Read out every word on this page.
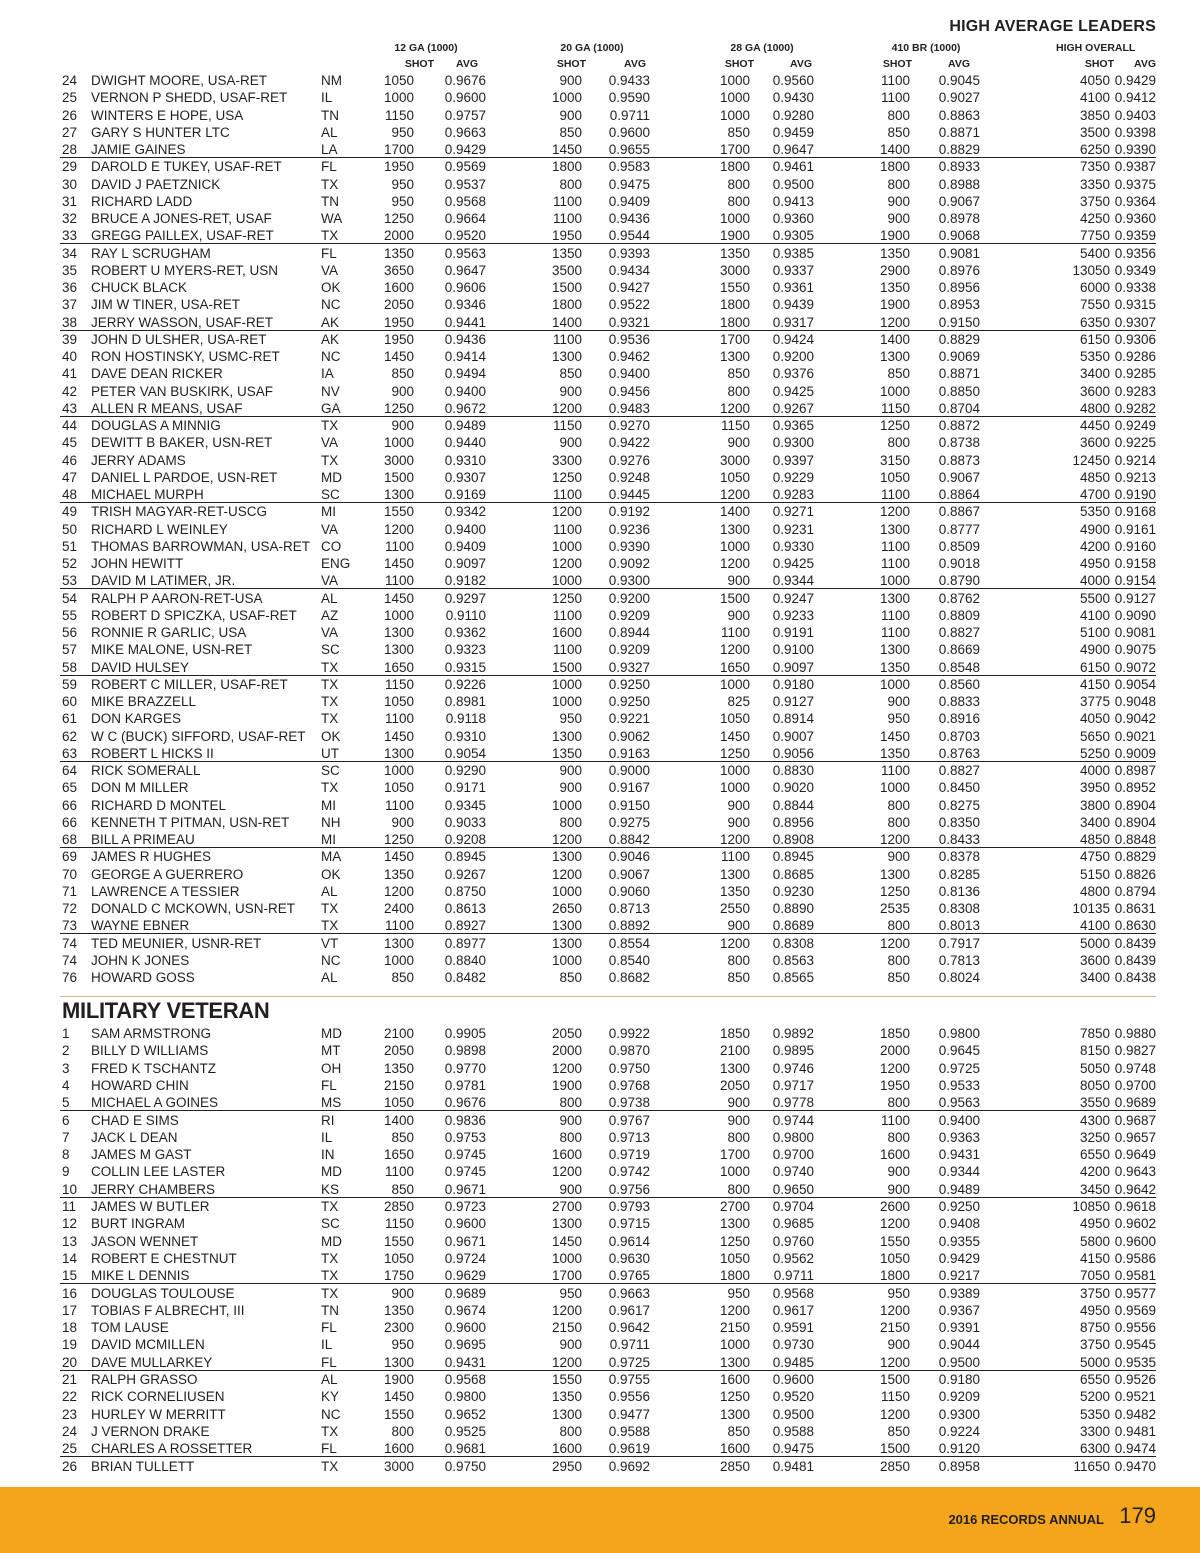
HIGH AVERAGE LEADERS
12 GA (1000)	20 GA (1000)	28 GA (1000)	410 BR (1000)	HIGH OVERALL
SHOT AVG	SHOT	AVG	SHOT	AVG	SHOT	AVG	SHOT AVG
24 DWIGHT MOORE, USA-RET	NM	1050 0.9676	900 0.9433	1000 0.9560	1100 0.9045	4050 0.9429
25 VERNON P SHEDD, USAF-RET IL	1000 0.9600	1000 0.9590	1000 0.9430	1100 0.9027	4100 0.9412
26 WINTERS E HOPE, USA	TN	1150 0.9757	900 0.9711	1000 0.9280	800 0.8863	3850 0.9403
27 GARY S HUNTER LTC	AL	950 0.9663	850 0.9600	850 0.9459	850 0.8871	3500 0.9398
28 JAMIE GAINES	LA	1700 0.9429	1450 0.9655	1700 0.9647	1400 0.8829	6250 0.9390
29 DAROLD E TUKEY, USAF-RET	FL	1950 0.9569	1800 0.9583	1800 0.9461	1800 0.8933	7350 0.9387
30 DAVID J PAETZNICK	TX	950 0.9537	800 0.9475	800 0.9500	800 0.8988	3350 0.9375
31 RICHARD LADD	TN	950 0.9568	1100 0.9409	800 0.9413	900 0.9067	3750 0.9364
32 BRUCE A JONES-RET, USAF	WA	1250 0.9664	1100 0.9436	1000 0.9360	900 0.8978	4250 0.9360
33 GREGG PAILLEX, USAF-RET	TX	2000 0.9520	1950 0.9544	1900 0.9305	1900 0.9068	7750 0.9359
34 RAY L SCRUGHAM	FL	1350 0.9563	1350 0.9393	1350 0.9385	1350 0.9081	5400 0.9356
35 ROBERT U MYERS-RET, USN	VA	3650 0.9647	3500 0.9434	3000 0.9337	2900 0.8976	13050 0.9349
36 CHUCK BLACK	OK	1600 0.9606	1500 0.9427	1550 0.9361	1350 0.8956	6000 0.9338
37 JIM W TINER, USA-RET	NC	2050 0.9346	1800 0.9522	1800 0.9439	1900 0.8953	7550 0.9315
38 JERRY WASSON, USAF-RET	AK	1950 0.9441	1400 0.9321	1800 0.9317	1200 0.9150	6350 0.9307
39 JOHN D ULSHER, USA-RET	AK	1950 0.9436	1100 0.9536	1700 0.9424	1400 0.8829	6150 0.9306
40 RON HOSTINSKY, USMC-RET	NC	1450 0.9414	1300 0.9462	1300 0.9200	1300 0.9069	5350 0.9286
41 DAVE DEAN RICKER	IA	850 0.9494	850 0.9400	850 0.9376	850 0.8871	3400 0.9285
42 PETER VAN BUSKIRK, USAF	NV	900 0.9400	900 0.9456	800 0.9425	1000 0.8850	3600 0.9283
43 ALLEN R MEANS, USAF	GA	1250 0.9672	1200 0.9483	1200 0.9267	1150 0.8704	4800 0.9282
44 DOUGLAS A MINNIG	TX	900 0.9489	1150 0.9270	1150 0.9365	1250 0.8872	4450 0.9249
45 DEWITT B BAKER, USN-RET	VA	1000 0.9440	900 0.9422	900 0.9300	800 0.8738	3600 0.9225
46 JERRY ADAMS	TX	3000 0.9310	3300 0.9276	3000 0.9397	3150 0.8873	12450 0.9214
47 DANIEL L PARDOE, USN-RET	MD	1500 0.9307	1250 0.9248	1050 0.9229	1050 0.9067	4850 0.9213
48 MICHAEL MURPH	SC	1300 0.9169	1100 0.9445	1200 0.9283	1100 0.8864	4700 0.9190
49 TRISH MAGYAR-RET-USCG	MI	1550 0.9342	1200 0.9192	1400 0.9271	1200 0.8867	5350 0.9168
50 RICHARD L WEINLEY	VA	1200 0.9400	1100 0.9236	1300 0.9231	1300 0.8777	4900 0.9161
51 THOMAS BARROWMAN, USA-RET CO	1100 0.9409	1000 0.9390	1000 0.9330	1100 0.8509	4200 0.9160
52 JOHN HEWITT	ENG 1450 0.9097	1200 0.9092	1200 0.9425	1100 0.9018	4950 0.9158
53 DAVID M LATIMER, JR.	VA	1100 0.9182	1000 0.9300	900 0.9344	1000 0.8790	4000 0.9154
54 RALPH P AARON-RET-USA	AL	1450 0.9297	1250 0.9200	1500 0.9247	1300 0.8762	5500 0.9127
55 ROBERT D SPICZKA, USAF-RET AZ	1000 0.9110	1100 0.9209	900 0.9233	1100 0.8809	4100 0.9090
56 RONNIE R GARLIC, USA	VA	1300 0.9362	1600 0.8944	1100 0.9191	1100 0.8827	5100 0.9081
57 MIKE MALONE, USN-RET	SC	1300 0.9323	1100 0.9209	1200 0.9100	1300 0.8669	4900 0.9075
58 DAVID HULSEY	TX	1650 0.9315	1500 0.9327	1650 0.9097	1350 0.8548	6150 0.9072
59 ROBERT C MILLER, USAF-RET TX	1150 0.9226	1000 0.9250	1000 0.9180	1000 0.8560	4150 0.9054
60 MIKE BRAZZELL	TX	1050 0.8981	1000 0.9250	825 0.9127	900 0.8833	3775 0.9048
61 DON KARGES	TX	1100 0.9118	950 0.9221	1050 0.8914	950 0.8916	4050 0.9042
62 W C (BUCK) SIFFORD, USAF-RET OK	1450 0.9310	1300 0.9062	1450 0.9007	1450 0.8703	5650 0.9021
63 ROBERT L HICKS II	UT	1300 0.9054	1350 0.9163	1250 0.9056	1350 0.8763	5250 0.9009
64 RICK SOMERALL	SC	1000 0.9290	900 0.9000	1000 0.8830	1100 0.8827	4000 0.8987
65 DON M MILLER	TX	1050 0.9171	900 0.9167	1000 0.9020	1000 0.8450	3950 0.8952
66 RICHARD D MONTEL	MI	1100 0.9345	1000 0.9150	900 0.8844	800 0.8275	3800 0.8904
66 KENNETH T PITMAN, USN-RET NH	900 0.9033	800 0.9275	900 0.8956	800 0.8350	3400 0.8904
68 BILL A PRIMEAU	MI	1250 0.9208	1200 0.8842	1200 0.8908	1200 0.8433	4850 0.8848
69 JAMES R HUGHES	MA	1450 0.8945	1300 0.9046	1100 0.8945	900 0.8378	4750 0.8829
70 GEORGE A GUERRERO	OK	1350 0.9267	1200 0.9067	1300 0.8685	1300 0.8285	5150 0.8826
71 LAWRENCE A TESSIER	AL	1200 0.8750	1000 0.9060	1350 0.9230	1250 0.8136	4800 0.8794
72 DONALD C MCKOWN, USN-RET TX	2400 0.8613	2650 0.8713	2550 0.8890	2535 0.8308	10135 0.8631
73 WAYNE EBNER	TX	1100 0.8927	1300 0.8892	900 0.8689	800 0.8013	4100 0.8630
74 TED MEUNIER, USNR-RET	VT	1300 0.8977	1300 0.8554	1200 0.8308	1200 0.7917	5000 0.8439
74 JOHN K JONES	NC	1000 0.8840	1000 0.8540	800 0.8563	800 0.7813	3600 0.8439
76 HOWARD GOSS	AL	850 0.8482	850 0.8682	850 0.8565	850 0.8024	3400 0.8438
MILITARY VETERAN
1 SAM ARMSTRONG	MD	2100 0.9905	2050 0.9922	1850 0.9892	1850 0.9800	7850 0.9880
2 BILLY D WILLIAMS	MT	2050 0.9898	2000 0.9870	2100 0.9895	2000 0.9645	8150 0.9827
3 FRED K TSCHANTZ	OH	1350 0.9770	1200 0.9750	1300 0.9746	1200 0.9725	5050 0.9748
4 HOWARD CHIN	FL	2150 0.9781	1900 0.9768	2050 0.9717	1950 0.9533	8050 0.9700
5 MICHAEL A GOINES	MS	1050 0.9676	800 0.9738	900 0.9778	800 0.9563	3550 0.9689
6 CHAD E SIMS	RI	1400 0.9836	900 0.9767	900 0.9744	1100 0.9400	4300 0.9687
7 JACK L DEAN	IL	850 0.9753	800 0.9713	800 0.9800	800 0.9363	3250 0.9657
8 JAMES M GAST	IN	1650 0.9745	1600 0.9719	1700 0.9700	1600 0.9431	6550 0.9649
9 COLLIN LEE LASTER	MD	1100 0.9745	1200 0.9742	1000 0.9740	900 0.9344	4200 0.9643
10 JERRY CHAMBERS	KS	850 0.9671	900 0.9756	800 0.9650	900 0.9489	3450 0.9642
11 JAMES W BUTLER	TX	2850 0.9723	2700 0.9793	2700 0.9704	2600 0.9250	10850 0.9618
12 BURT INGRAM	SC	1150 0.9600	1300 0.9715	1300 0.9685	1200 0.9408	4950 0.9602
13 JASON WENNET	MD	1550 0.9671	1450 0.9614	1250 0.9760	1550 0.9355	5800 0.9600
14 ROBERT E CHESTNUT	TX	1050 0.9724	1000 0.9630	1050 0.9562	1050 0.9429	4150 0.9586
15 MIKE L DENNIS	TX	1750 0.9629	1700 0.9765	1800 0.9711	1800 0.9217	7050 0.9581
16 DOUGLAS TOULOUSE	TX	900 0.9689	950 0.9663	950 0.9568	950 0.9389	3750 0.9577
17 TOBIAS F ALBRECHT, III	TN	1350 0.9674	1200 0.9617	1200 0.9617	1200 0.9367	4950 0.9569
18 TOM LAUSE	FL	2300 0.9600	2150 0.9642	2150 0.9591	2150 0.9391	8750 0.9556
19 DAVID MCMILLEN	IL	950 0.9695	900 0.9711	1000 0.9730	900 0.9044	3750 0.9545
20 DAVE MULLARKEY	FL	1300 0.9431	1200 0.9725	1300 0.9485	1200 0.9500	5000 0.9535
21 RALPH GRASSO	AL	1900 0.9568	1550 0.9755	1600 0.9600	1500 0.9180	6550 0.9526
22 RICK CORNELIUSEN	KY	1450 0.9800	1350 0.9556	1250 0.9520	1150 0.9209	5200 0.9521
23 HURLEY W MERRITT	NC	1550 0.9652	1300 0.9477	1300 0.9500	1200 0.9300	5350 0.9482
24 J VERNON DRAKE	TX	800 0.9525	800 0.9588	850 0.9588	850 0.9224	3300 0.9481
25 CHARLES A ROSSETTER	FL	1600 0.9681	1600 0.9619	1600 0.9475	1500 0.9120	6300 0.9474
26 BRIAN TULLETT	TX	3000 0.9750	2950 0.9692	2850 0.9481	2850 0.8958	11650 0.9470
2016 RECORDS ANNUAL 179
